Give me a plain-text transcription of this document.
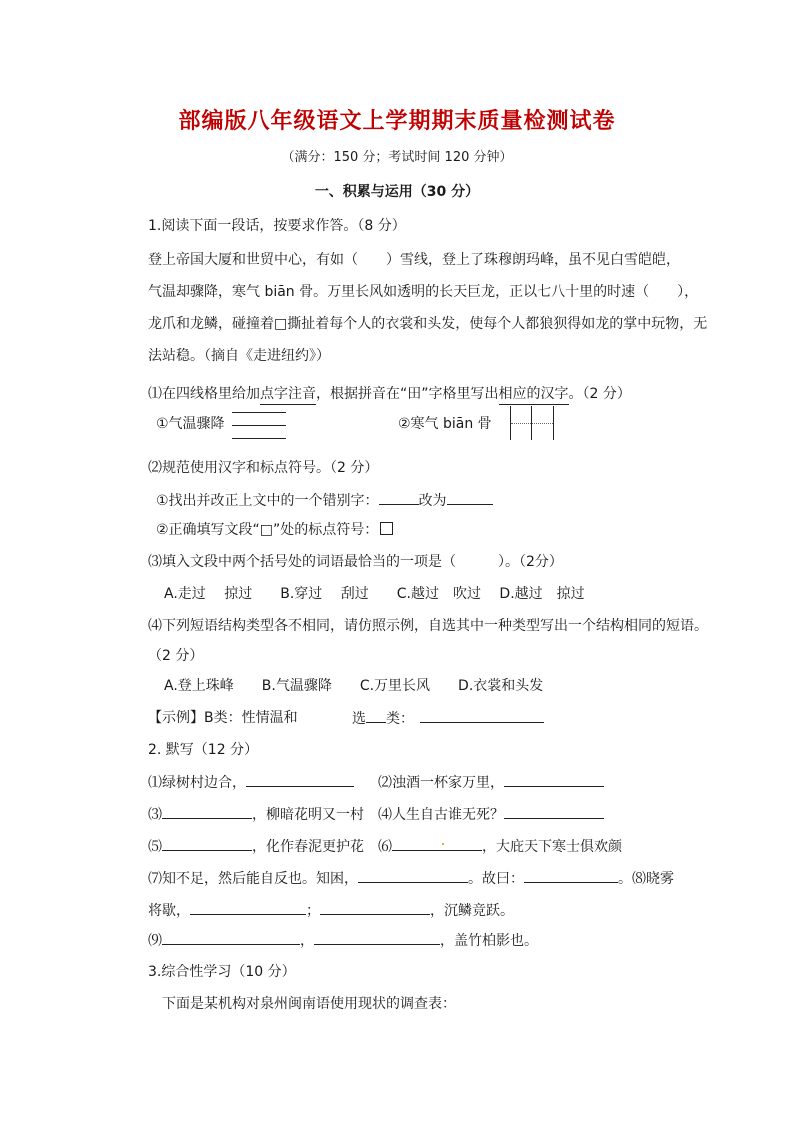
部编版八年级语文上学期期末质量检测试卷
（满分：150 分；考试时间 120 分钟）
一、积累与运用（30 分）
1.阅读下面一段话，按要求作答。（8 分）
登上帝国大厦和世贸中心，有如（　　）雪线，登上了珠穆朗玛峰，虽不见白雪皑皑，
气温却骤降，寒气 biān 骨。万里长风如透明的长天巨龙，正以七八十里的时速（　　），
龙爪和龙鳞，碰撞着□撕扯着每个人的衣裳和头发，使每个人都狼狈得如龙的掌中玩物，无
法站稳。（摘自《走进纽约》）
⑴在四线格里给加点字注音，根据拼音在“田”字格里写出相应的汉字。（2 分）
①气温骤降	②寒气 biān 骨
⑵规范使用汉字和标点符号。（2 分）
①找出并改正上文中的一个错别字：	改为
②正确填写文段“□”处的标点符号：
⑶填入文段中两个括号处的词语最恰当的一项是（　　　）。（2分）
A.走过　 掠过　　B.穿过　 刮过　　C.越过　吹过　 D.越过　掠过
⑷下列短语结构类型各不相同，请仿照示例，自选其中一种类型写出一个结构相同的短语。
（2 分）
A.登上珠峰　　B.气温骤降　　C.万里长风　　D.衣裳和头发
【示例】B类：性情温和	选 类：
2. 默写（12 分）
⑴绿树村边合，	⑵浊酒一杯家万里，
⑶	，柳暗花明又一村 ⑷人生自古谁无死？
⑸	，化作春泥更护花 ⑹	，大庇天下寒士俱欢颜
⑺知不足，然后能自反也。知困，	。故曰：	。⑻晓雾
将歇，	；	，沉鳞竞跃。
⑼	，	，盖竹柏影也。
3.综合性学习（10 分）
下面是某机构对泉州闽南语使用现状的调查表：
